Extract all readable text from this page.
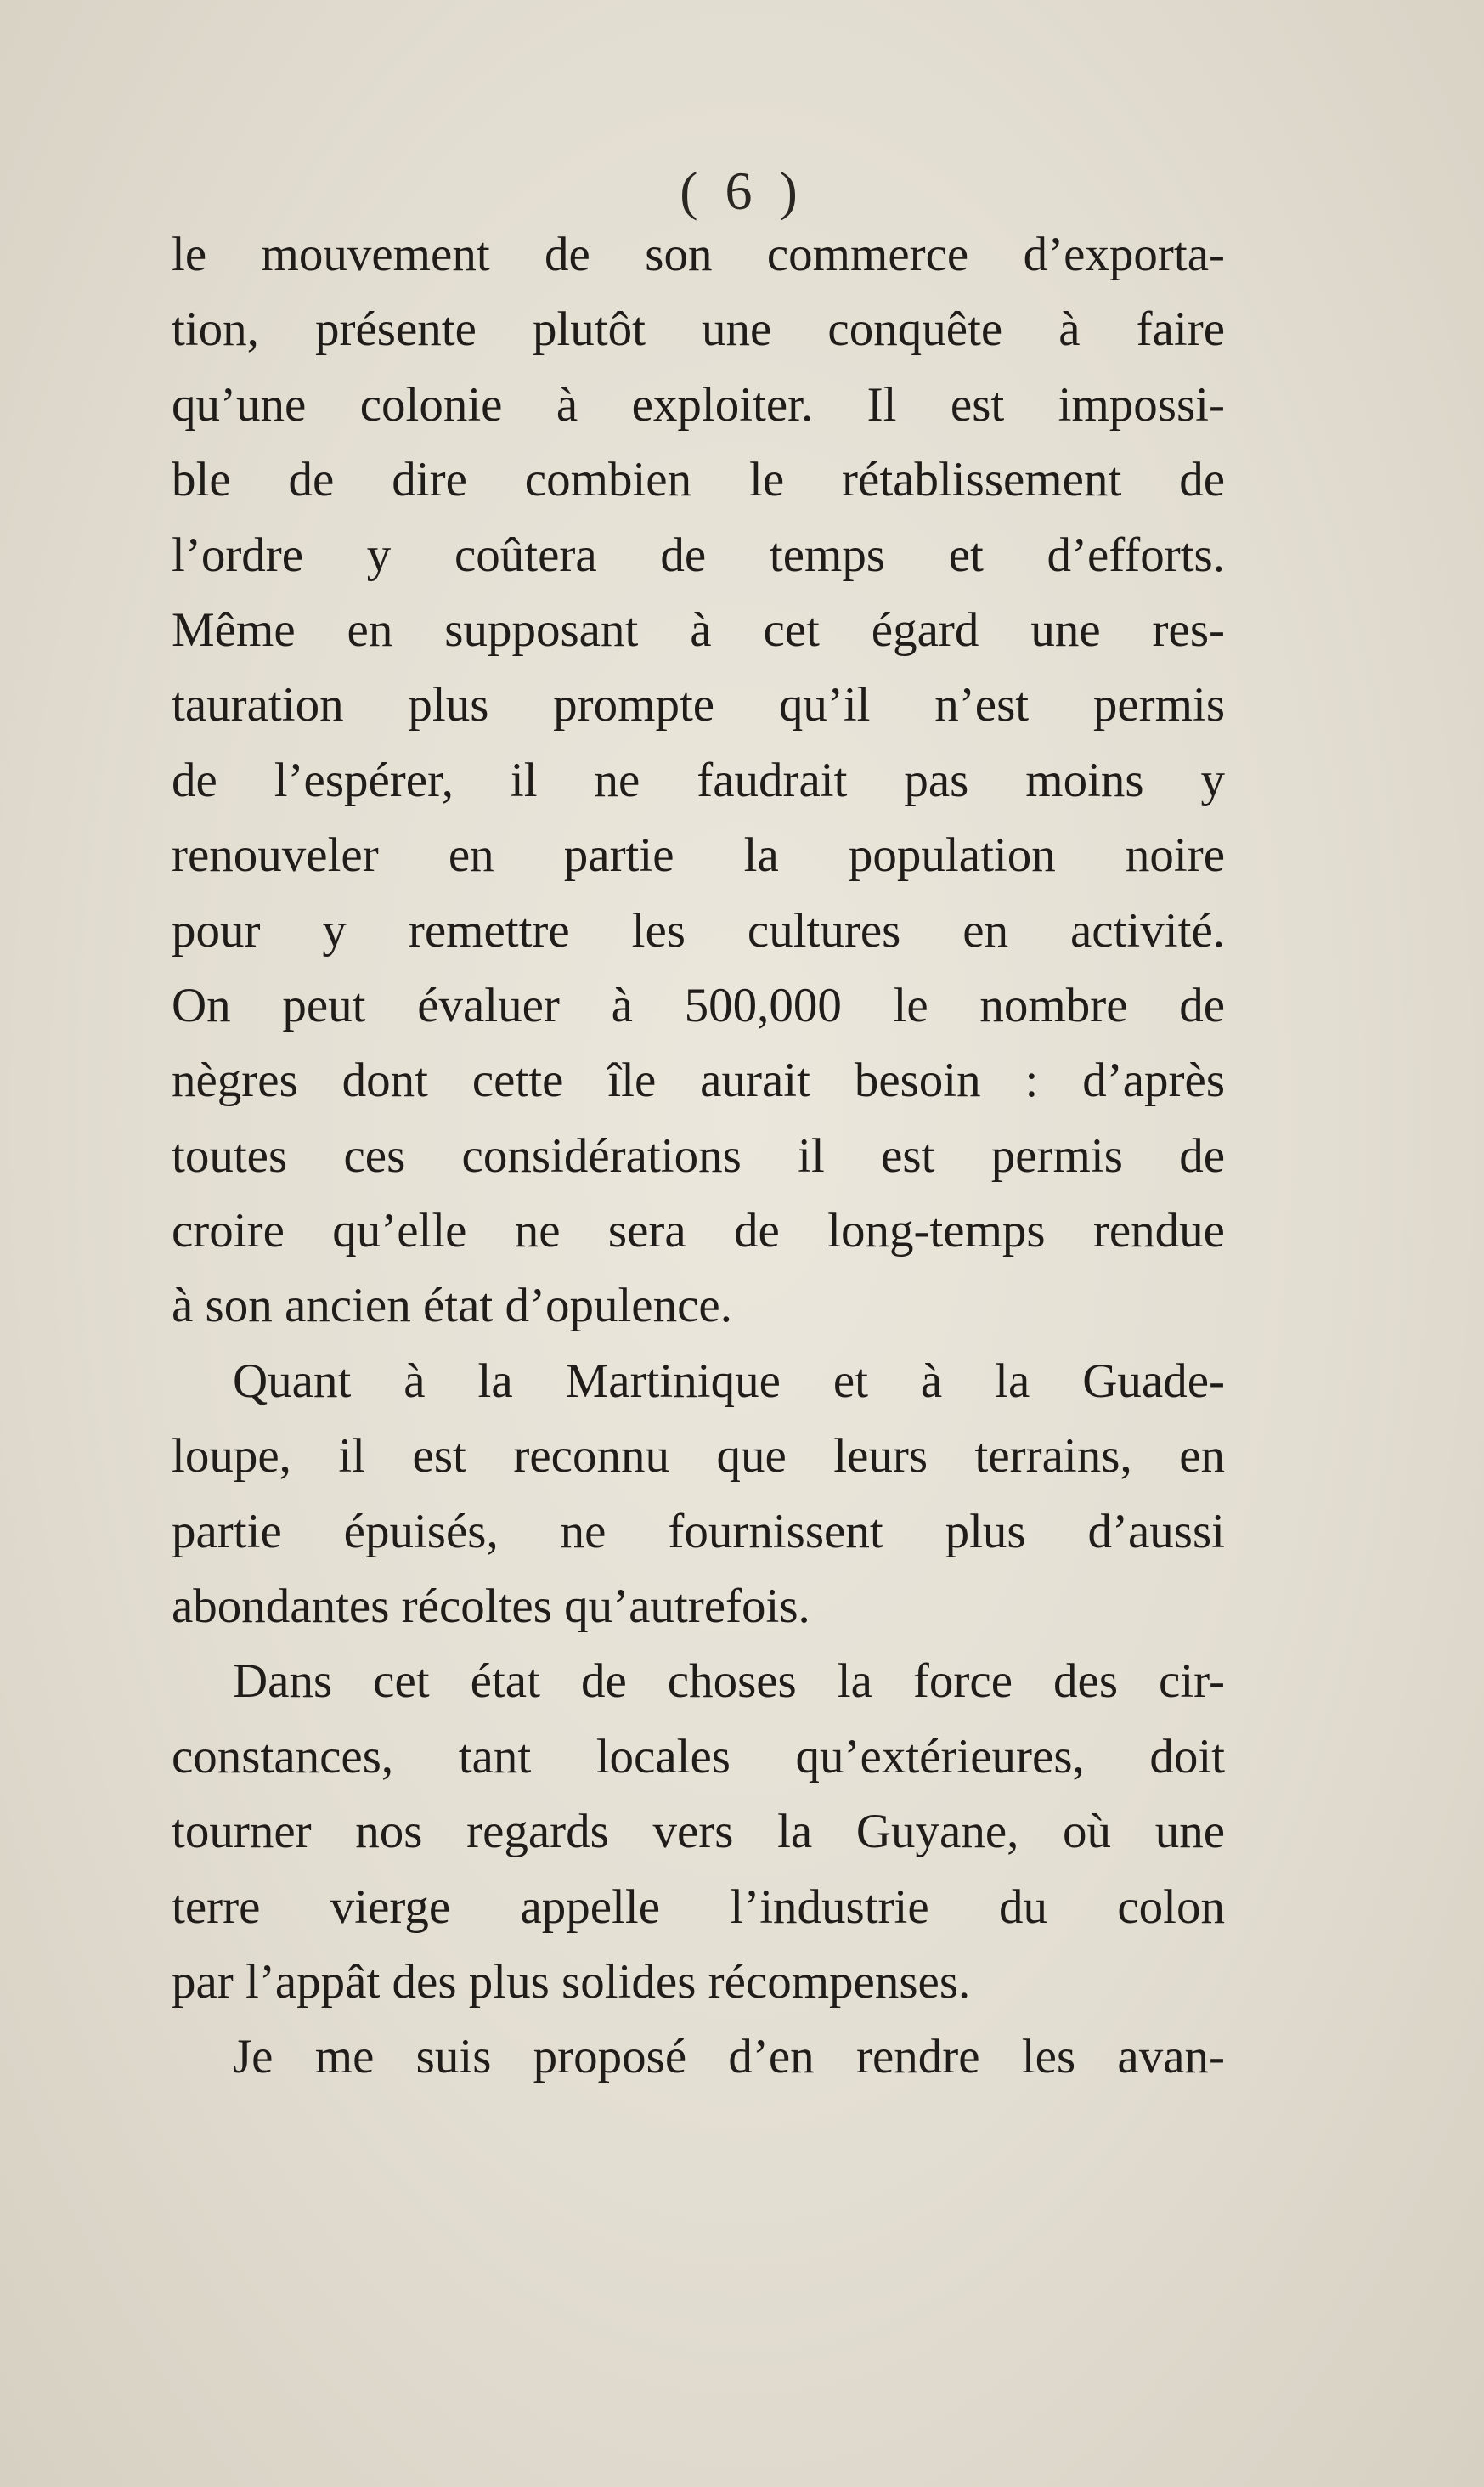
( 6 )
le mouvement de son commerce d’exporta-
tion, présente plutôt une conquête à faire
qu’une colonie à exploiter. Il est impossi-
ble de dire combien le rétablissement de
l’ordre y coûtera de temps et d’efforts.
Même en supposant à cet égard une res-
tauration plus prompte qu’il n’est permis
de l’espérer, il ne faudrait pas moins y
renouveler en partie la population noire
pour y remettre les cultures en activité.
On peut évaluer à 500,000 le nombre de
nègres dont cette île aurait besoin : d’après
toutes ces considérations il est permis de
croire qu’elle ne sera de long-temps rendue
à son ancien état d’opulence.
Quant à la Martinique et à la Guade-
loupe, il est reconnu que leurs terrains, en
partie épuisés, ne fournissent plus d’aussi
abondantes récoltes qu’autrefois.
Dans cet état de choses la force des cir-
constances, tant locales qu’extérieures, doit
tourner nos regards vers la Guyane, où une
terre vierge appelle l’industrie du colon
par l’appât des plus solides récompenses.
Je me suis proposé d’en rendre les avan-
